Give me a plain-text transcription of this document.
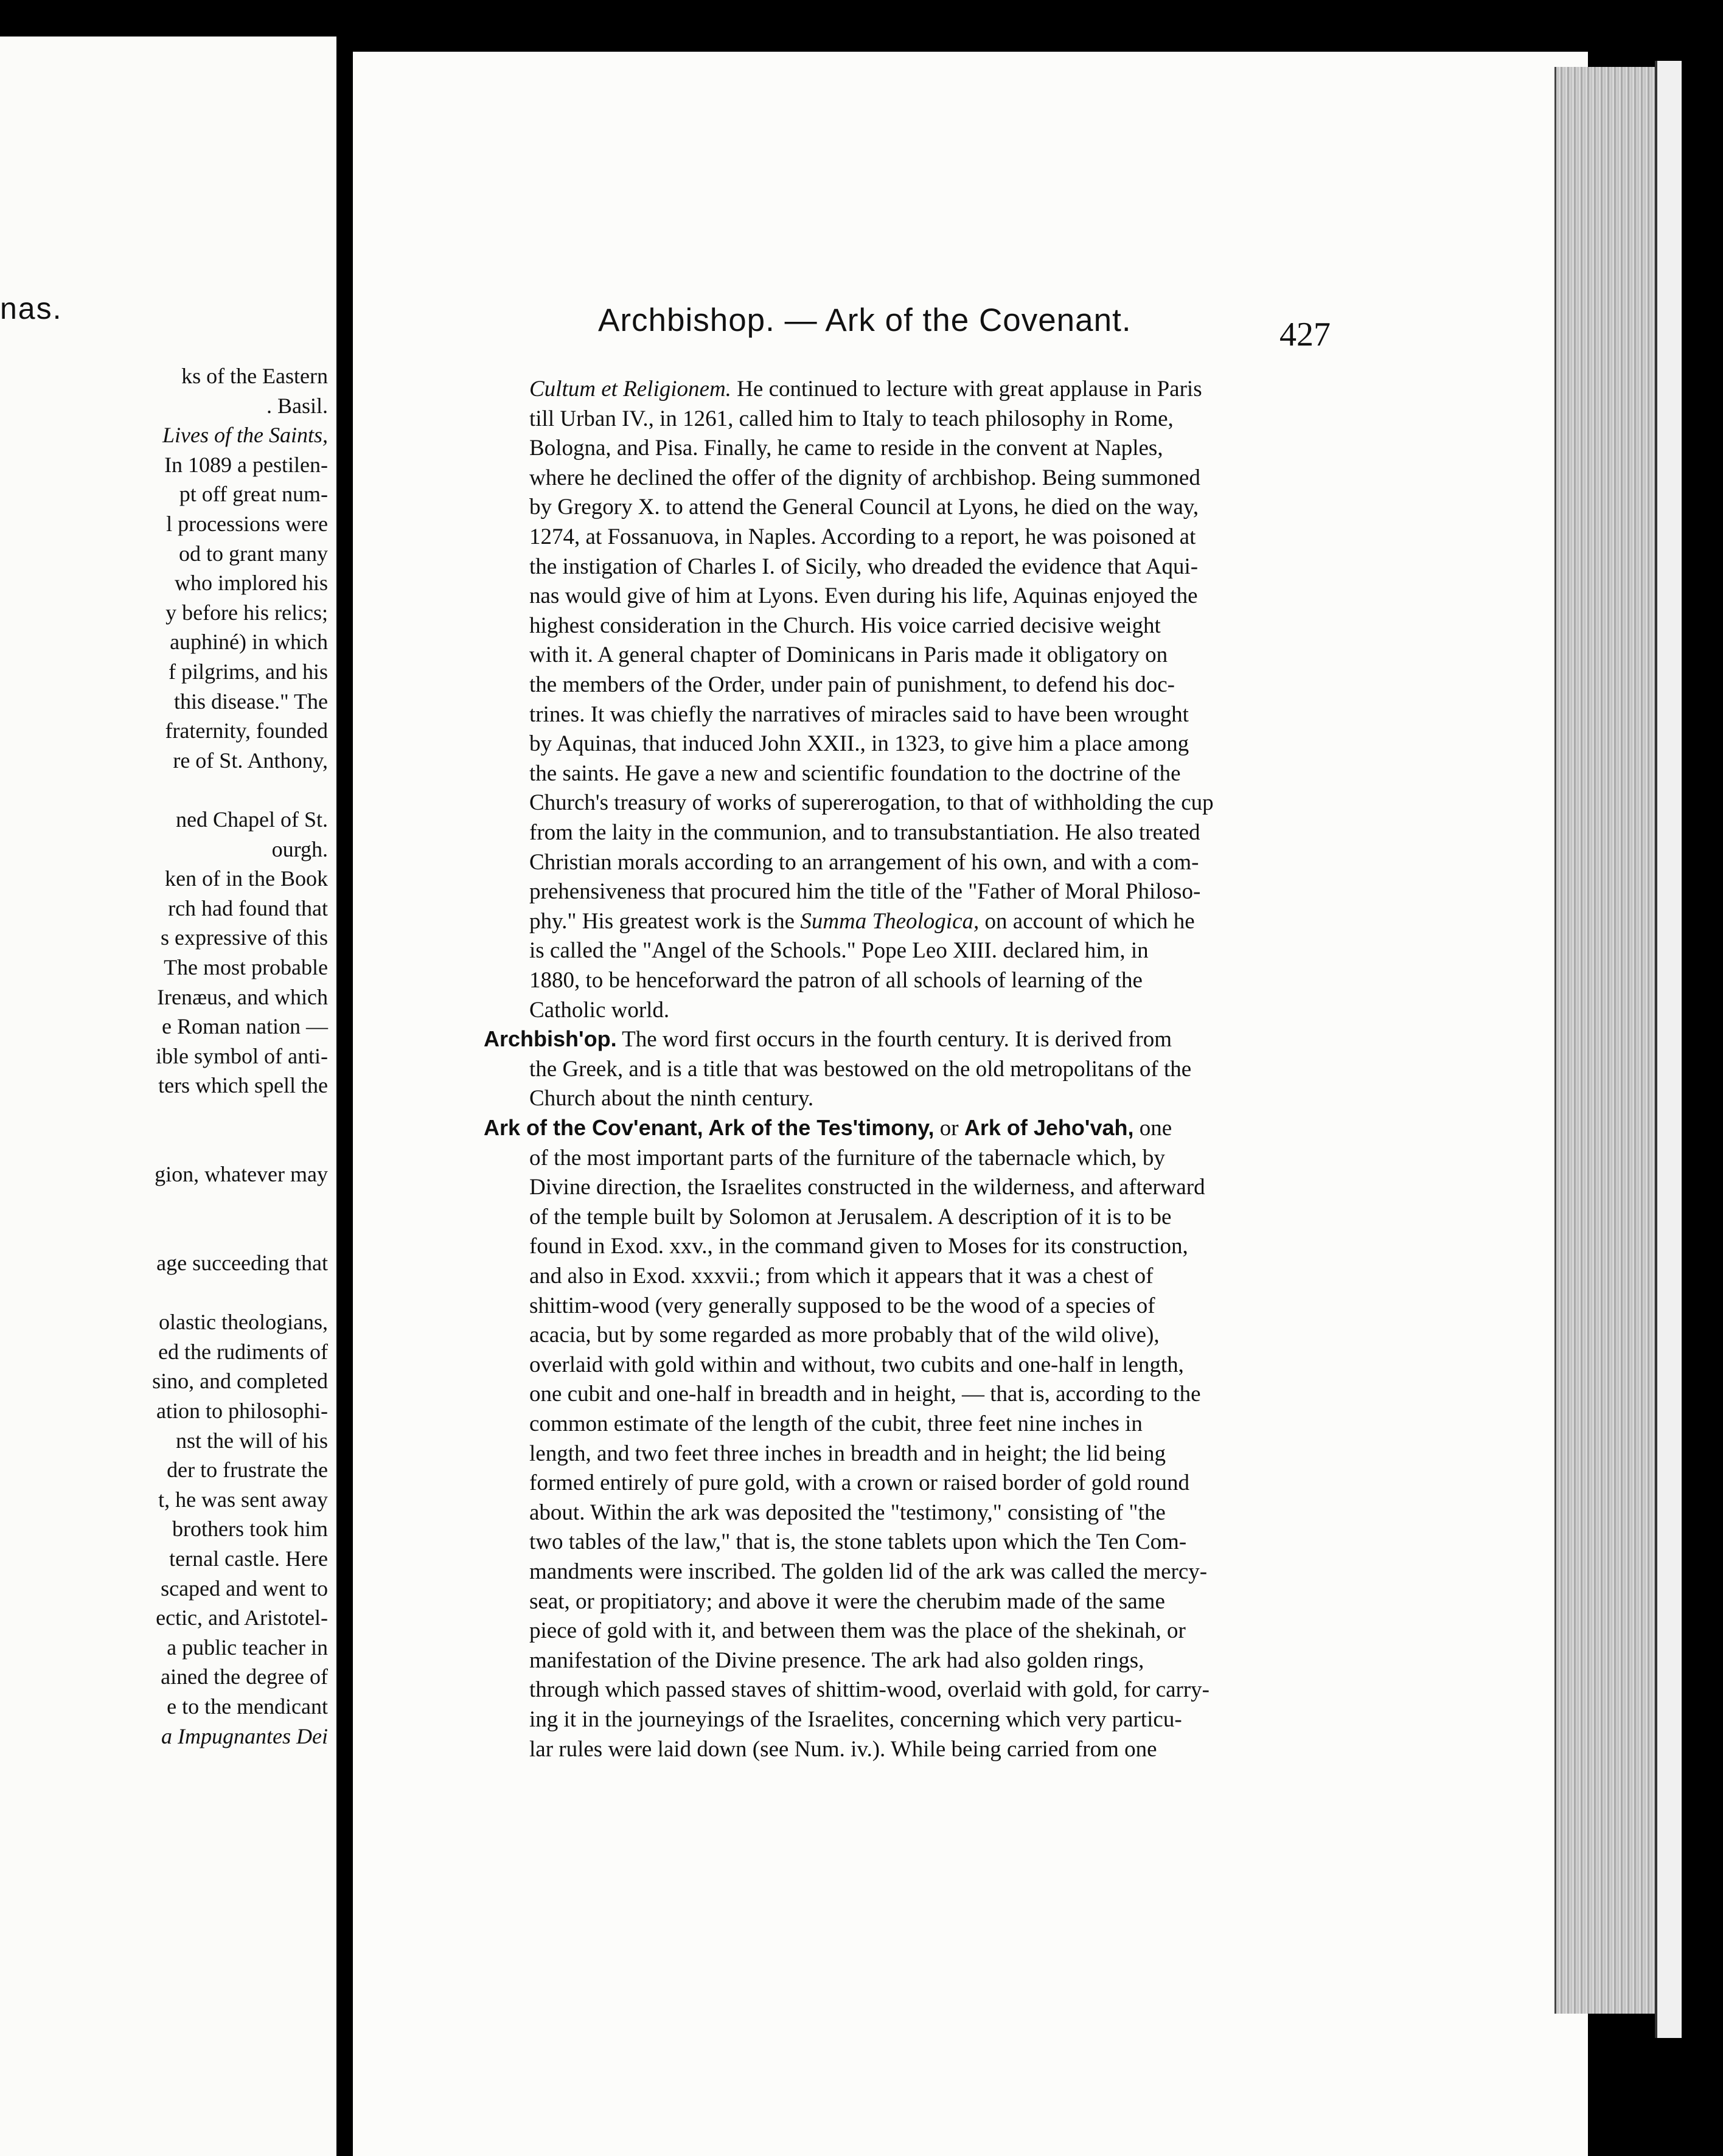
nas.
ks of the Eastern
. Basil.
Lives of the Saints,
In 1089 a pestilen-
pt off great num-
l processions were
od to grant many
who implored his
y before his relics;
auphiné) in which
f pilgrims, and his
this disease." The
fraternity, founded
re of St. Anthony,
ned Chapel of St.
ourgh.
ken of in the Book
rch had found that
s expressive of this
The most probable
Irenæus, and which
e Roman nation —
ible symbol of anti-
ters which spell the
gion, whatever may
age succeeding that
olastic theologians,
ed the rudiments of
sino, and completed
ation to philosophi-
nst the will of his
der to frustrate the
t, he was sent away
brothers took him
ternal castle. Here
scaped and went to
ectic, and Aristotel-
a public teacher in
ained the degree of
e to the mendicant
a Impugnantes Dei
Archbishop. — Ark of the Covenant.	427
Cultum et Religionem. He continued to lecture with great applause in Paris
till Urban IV., in 1261, called him to Italy to teach philosophy in Rome,
Bologna, and Pisa. Finally, he came to reside in the convent at Naples,
where he declined the offer of the dignity of archbishop. Being summoned
by Gregory X. to attend the General Council at Lyons, he died on the way,
1274, at Fossanuova, in Naples. According to a report, he was poisoned at
the instigation of Charles I. of Sicily, who dreaded the evidence that Aqui-
nas would give of him at Lyons. Even during his life, Aquinas enjoyed the
highest consideration in the Church. His voice carried decisive weight
with it. A general chapter of Dominicans in Paris made it obligatory on
the members of the Order, under pain of punishment, to defend his doc-
trines. It was chiefly the narratives of miracles said to have been wrought
by Aquinas, that induced John XXII., in 1323, to give him a place among
the saints. He gave a new and scientific foundation to the doctrine of the
Church's treasury of works of supererogation, to that of withholding the cup
from the laity in the communion, and to transubstantiation. He also treated
Christian morals according to an arrangement of his own, and with a com-
prehensiveness that procured him the title of the "Father of Moral Philoso-
phy." His greatest work is the Summa Theologica, on account of which he
is called the "Angel of the Schools." Pope Leo XIII. declared him, in
1880, to be henceforward the patron of all schools of learning of the
Catholic world.
Archbish'op. The word first occurs in the fourth century. It is derived from
the Greek, and is a title that was bestowed on the old metropolitans of the
Church about the ninth century.
Ark of the Cov'enant, Ark of the Tes'timony, or Ark of Jeho'vah, one
of the most important parts of the furniture of the tabernacle which, by
Divine direction, the Israelites constructed in the wilderness, and afterward
of the temple built by Solomon at Jerusalem. A description of it is to be
found in Exod. xxv., in the command given to Moses for its construction,
and also in Exod. xxxvii.; from which it appears that it was a chest of
shittim-wood (very generally supposed to be the wood of a species of
acacia, but by some regarded as more probably that of the wild olive),
overlaid with gold within and without, two cubits and one-half in length,
one cubit and one-half in breadth and in height, — that is, according to the
common estimate of the length of the cubit, three feet nine inches in
length, and two feet three inches in breadth and in height; the lid being
formed entirely of pure gold, with a crown or raised border of gold round
about. Within the ark was deposited the "testimony," consisting of "the
two tables of the law," that is, the stone tablets upon which the Ten Com-
mandments were inscribed. The golden lid of the ark was called the mercy-
seat, or propitiatory; and above it were the cherubim made of the same
piece of gold with it, and between them was the place of the shekinah, or
manifestation of the Divine presence. The ark had also golden rings,
through which passed staves of shittim-wood, overlaid with gold, for carry-
ing it in the journeyings of the Israelites, concerning which very particu-
lar rules were laid down (see Num. iv.). While being carried from one
